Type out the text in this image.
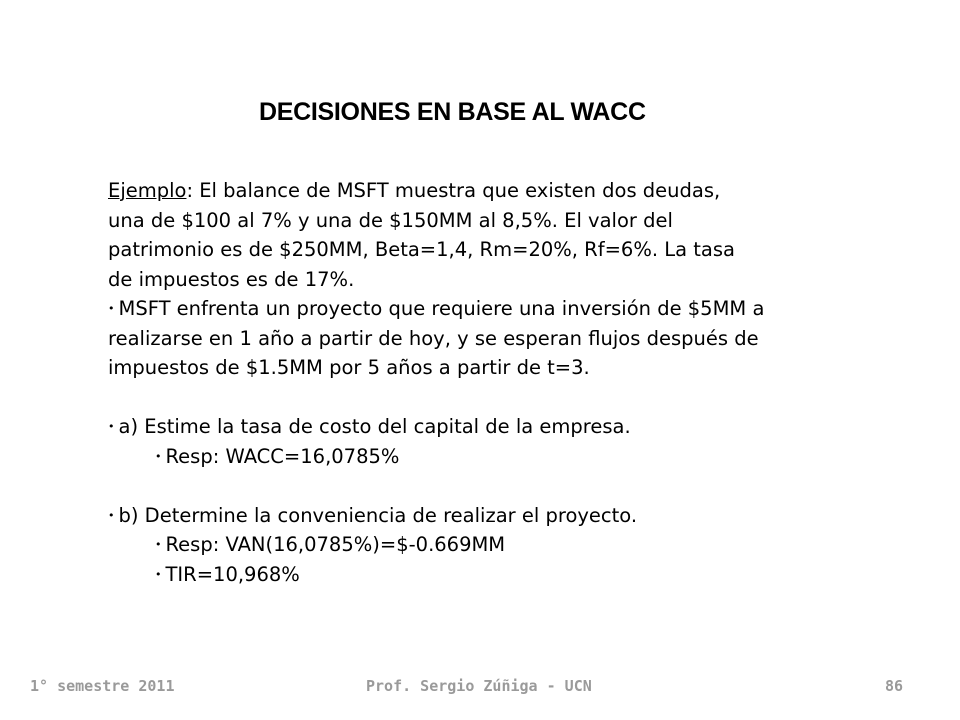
DECISIONES EN BASE AL WACC

Ejemplo: El balance de MSFT muestra que existen dos deudas,

una de $100 al 7% y una de $150MM al 8,5%. El valor del

patrimonio es de $250MM, Beta=1,4, Rm=20%, Rf=6%. La tasa

de impuestos es de 17%.

• MSFT enfrenta un proyecto que requiere una inversión de $5MM a

realizarse en 1 año a partir de hoy, y se esperan flujos después de

impuestos de $1.5MM por 5 años a partir de t=3.

• a) Estime la tasa de costo del capital de la empresa.

• Resp: WACC=16,0785%

• b) Determine la conveniencia de realizar el proyecto.

• Resp: VAN(16,0785%)=$-0.669MM

• TIR=10,968%

1° semestre 2011	Prof. Sergio Zúñiga - UCN	86
